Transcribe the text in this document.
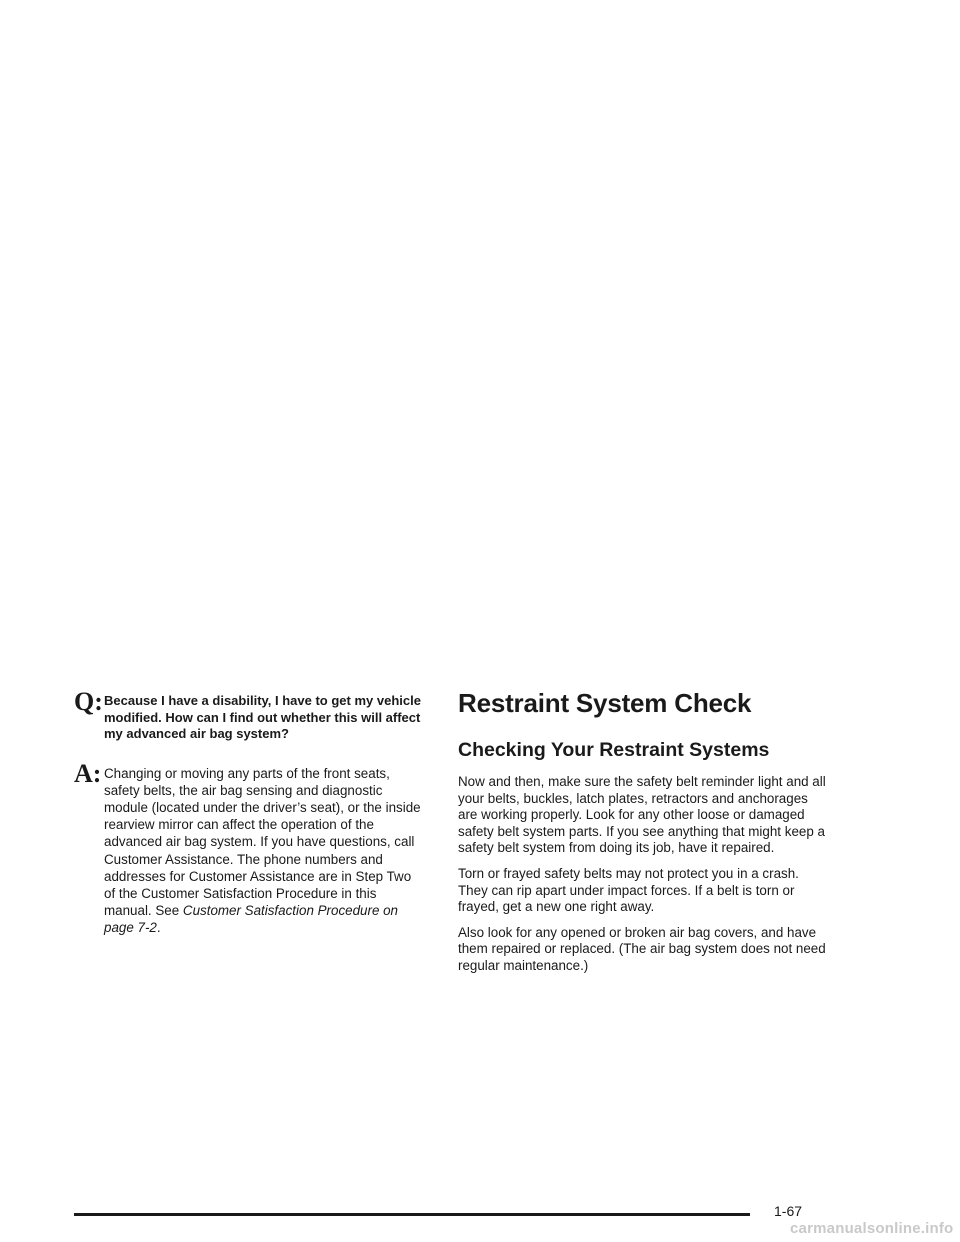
Q: Because I have a disability, I have to get my vehicle modified. How can I find out whether this will affect my advanced air bag system?

A: Changing or moving any parts of the front seats, safety belts, the air bag sensing and diagnostic module (located under the driver’s seat), or the inside rearview mirror can affect the operation of the advanced air bag system. If you have questions, call Customer Assistance. The phone numbers and addresses for Customer Assistance are in Step Two of the Customer Satisfaction Procedure in this manual. See Customer Satisfaction Procedure on page 7-2.

Restraint System Check
Checking Your Restraint Systems

Now and then, make sure the safety belt reminder light and all your belts, buckles, latch plates, retractors and anchorages are working properly. Look for any other loose or damaged safety belt system parts. If you see anything that might keep a safety belt system from doing its job, have it repaired.

Torn or frayed safety belts may not protect you in a crash. They can rip apart under impact forces. If a belt is torn or frayed, get a new one right away.

Also look for any opened or broken air bag covers, and have them repaired or replaced. (The air bag system does not need regular maintenance.)

1-67
carmanualsonline.info
